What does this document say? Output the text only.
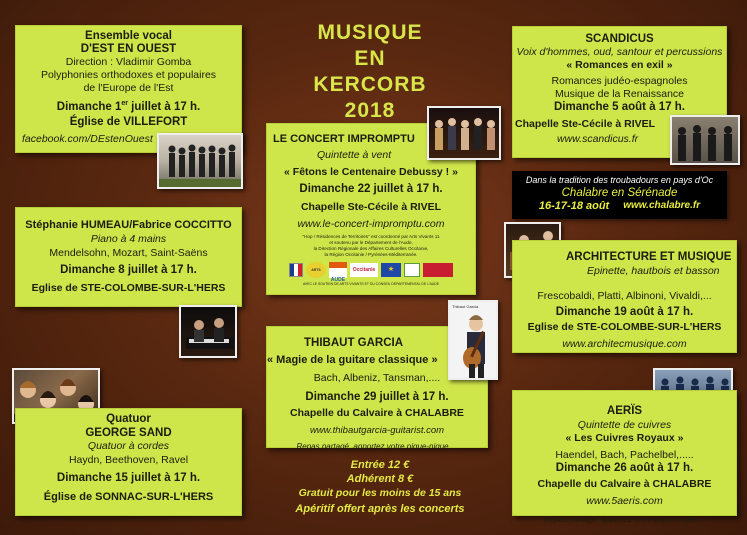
MUSIQUE
EN
KERCORB
2018
Ensemble vocal
D'EST EN OUEST
Direction : Vladimir Gomba
Polyphonies orthodoxes et populaires
de l'Europe de l'Est
Dimanche 1er juillet à 17 h.
Église de VILLEFORT
facebook.com/DEstenOuest
Stéphanie HUMEAU/Fabrice COCCITTO
Piano à 4 mains
Mendelsohn, Mozart, Saint-Saëns
Dimanche 8 juillet à 17 h.
Eglise de STE-COLOMBE-SUR-L'HERS
Quatuor
GEORGE SAND
Quatuor à cordes
Haydn, Beethoven, Ravel
Dimanche 15 juillet à 17 h.
Église de SONNAC-SUR-L'HERS
LE CONCERT IMPROMPTU
Quintette à vent
« Fêtons le Centenaire Debussy ! »
Dimanche 22 juillet à 17 h.
Chapelle Ste-Cécile à RIVEL
www.le-concert-impromptu.com
"Hop ! Résidences de Territoires" est coordonné par Arts Vivants 11
et soutenu par le Département de l'Aude,
la Direction Régionale des Affaires Culturelles Occitanie,
la Région Occitanie / Pyrénées-Méditerranée.
ARTS
AUDE
Occitanie	★
AVEC LE SOUTIEN DE ARTS VIVANTS ET DU CONSEIL DÉPARTEMENTAL DE L'AUDE
THIBAUT GARCIA
« Magie de la guitare classique »
Bach, Albeniz, Tansman,....
Dimanche 29 juillet à 17 h.
Chapelle du Calvaire à CHALABRE
www.thibautgarcia-guitarist.com
Repas partagé, apportez votre pique-nique....
Thibaut Garcia
SCANDICUS
Voix d'hommes, oud, santour et percussions
« Romances en exil »
Romances judéo-espagnoles
Musique de la Renaissance
Dimanche 5 août à 17 h.
Chapelle Ste-Cécile à RIVEL
www.scandicus.fr
Dans la tradition des troubadours en pays d'Oc
Chalabre en Sérénade
16-17-18 août www.chalabre.fr
ARCHITECTURE ET MUSIQUE
Epinette, hautbois et basson
Frescobaldi, Platti, Albinoni, Vivaldi,...
Dimanche 19 août à 17 h.
Eglise de STE-COLOMBE-SUR-L'HERS
www.architecmusique.com
AERÏS
Quintette de cuivres
« Les Cuivres Royaux »
Haendel, Bach, Pachelbel,.....
Dimanche 26 août à 17 h.
Chapelle du Calvaire à CHALABRE
www.5aeris.com
Repas partagé, apportez votre pique-nique....
Entrée 12 €
Adhérent 8 €
Gratuit pour les moins de 15 ans
Apéritif offert après les concerts
